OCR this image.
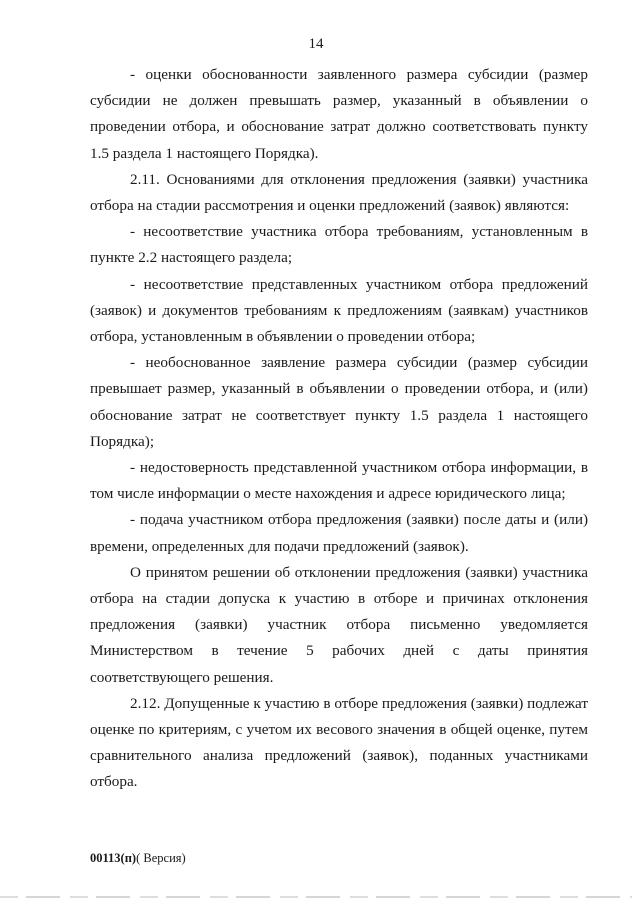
14

- оценки обоснованности заявленного размера субсидии (размер субсидии не должен превышать размер, указанный в объявлении о проведении отбора, и обоснование затрат должно соответствовать пункту 1.5 раздела 1 настоящего Порядка).

2.11. Основаниями для отклонения предложения (заявки) участника отбора на стадии рассмотрения и оценки предложений (заявок) являются:

- несоответствие участника отбора требованиям, установленным в пункте 2.2 настоящего раздела;

- несоответствие представленных участником отбора предложений (заявок) и документов требованиям к предложениям (заявкам) участников отбора, установленным в объявлении о проведении отбора;

- необоснованное заявление размера субсидии (размер субсидии превышает размер, указанный в объявлении о проведении отбора, и (или) обоснование затрат не соответствует пункту 1.5 раздела 1 настоящего Порядка);

- недостоверность представленной участником отбора информации, в том числе информации о месте нахождения и адресе юридического лица;

- подача участником отбора предложения (заявки) после даты и (или) времени, определенных для подачи предложений (заявок).

О принятом решении об отклонении предложения (заявки) участника отбора на стадии допуска к участию в отборе и причинах отклонения предложения (заявки) участник отбора письменно уведомляется Министерством в течение 5 рабочих дней с даты принятия соответствующего решения.

2.12. Допущенные к участию в отборе предложения (заявки) подлежат оценке по критериям, с учетом их весового значения в общей оценке, путем сравнительного анализа предложений (заявок), поданных участниками отбора.

00113(п)( Версия)
